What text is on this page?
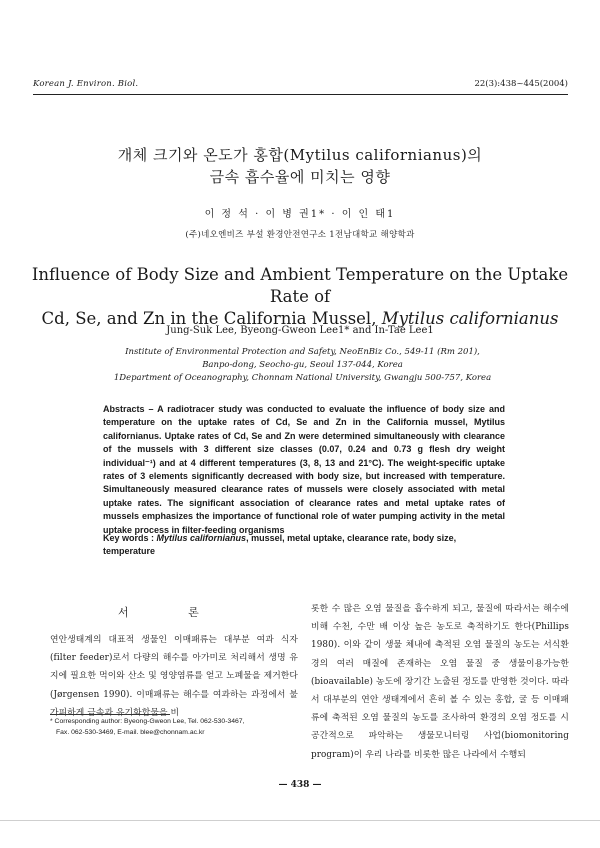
Korean J. Environ. Biol.	22(3):438~445(2004)
개체 크기와 온도가 홍합(Mytilus californianus)의
금속 흡수율에 미치는 영향
이 정 석 · 이 병 권1* · 이 인 태1
(주)네오엔비즈 부설 환경안전연구소 1전남대학교 해양학과
Influence of Body Size and Ambient Temperature on the Uptake Rate of
Cd, Se, and Zn in the California Mussel, Mytilus californianus
Jung-Suk Lee, Byeong-Gweon Lee1* and In-Tae Lee1
Institute of Environmental Protection and Safety, NeoEnBiz Co., 549-11 (Rm 201),
Banpo-dong, Seocho-gu, Seoul 137-044, Korea
1Department of Oceanography, Chonnam National University, Gwangju 500-757, Korea
Abstracts – A radiotracer study was conducted to evaluate the influence of body size and temperature on the uptake rates of Cd, Se and Zn in the California mussel, Mytilus californianus. Uptake rates of Cd, Se and Zn were determined simultaneously with clearance of the mussels with 3 different size classes (0.07, 0.24 and 0.73 g flesh dry weight individual⁻¹) and at 4 different temperatures (3, 8, 13 and 21°C). The weight-specific uptake rates of 3 elements significantly decreased with body size, but increased with temperature. Simultaneously measured clearance rates of mussels were closely associated with metal uptake rates. The significant association of clearance rates and metal uptake rates of mussels emphasizes the importance of functional role of water pumping activity in the metal uptake process in filter-feeding organisms
Key words : Mytilus californianus, mussel, metal uptake, clearance rate, body size, temperature
서 론
연안생태계의 대표적 생물인 이매패류는 대부분 여과 식자(filter feeder)로서 다량의 해수를 아가미로 처리해서 생명 유지에 필요한 먹이와 산소 및 영양염류를 얻고 노폐물을 제거한다(Jørgensen 1990). 이매패류는 해수를 여과하는 과정에서 불가피하게 금속과 유기화합물을 비
롯한 수 많은 오염 물질을 흡수하게 되고, 물질에 따라서는 해수에 비해 수천, 수만 배 이상 높은 농도로 축적하기도 한다(Phillips 1980). 이와 같이 생물 체내에 축적된 오염 물질의 농도는 서식환경의 여러 매질에 존재하는 오염 물질 중 생물이용가능한(bioavailable) 농도에 장기간 노출된 정도를 반영한 것이다. 따라서 대부분의 연안 생태계에서 흔히 볼 수 있는 홍합, 굴 등 이매패류에 축적된 오염 물질의 농도를 조사하여 환경의 오염 정도를 시공간적으로 파악하는 생물모니터링 사업(biomonitoring program)이 우리 나라를 비롯한 많은 나라에서 수행되
* Corresponding author: Byeong-Gweon Lee, Tel. 062-530-3467,
Fax. 062-530-3469, E-mail. blee@chonnam.ac.kr
— 438 —
